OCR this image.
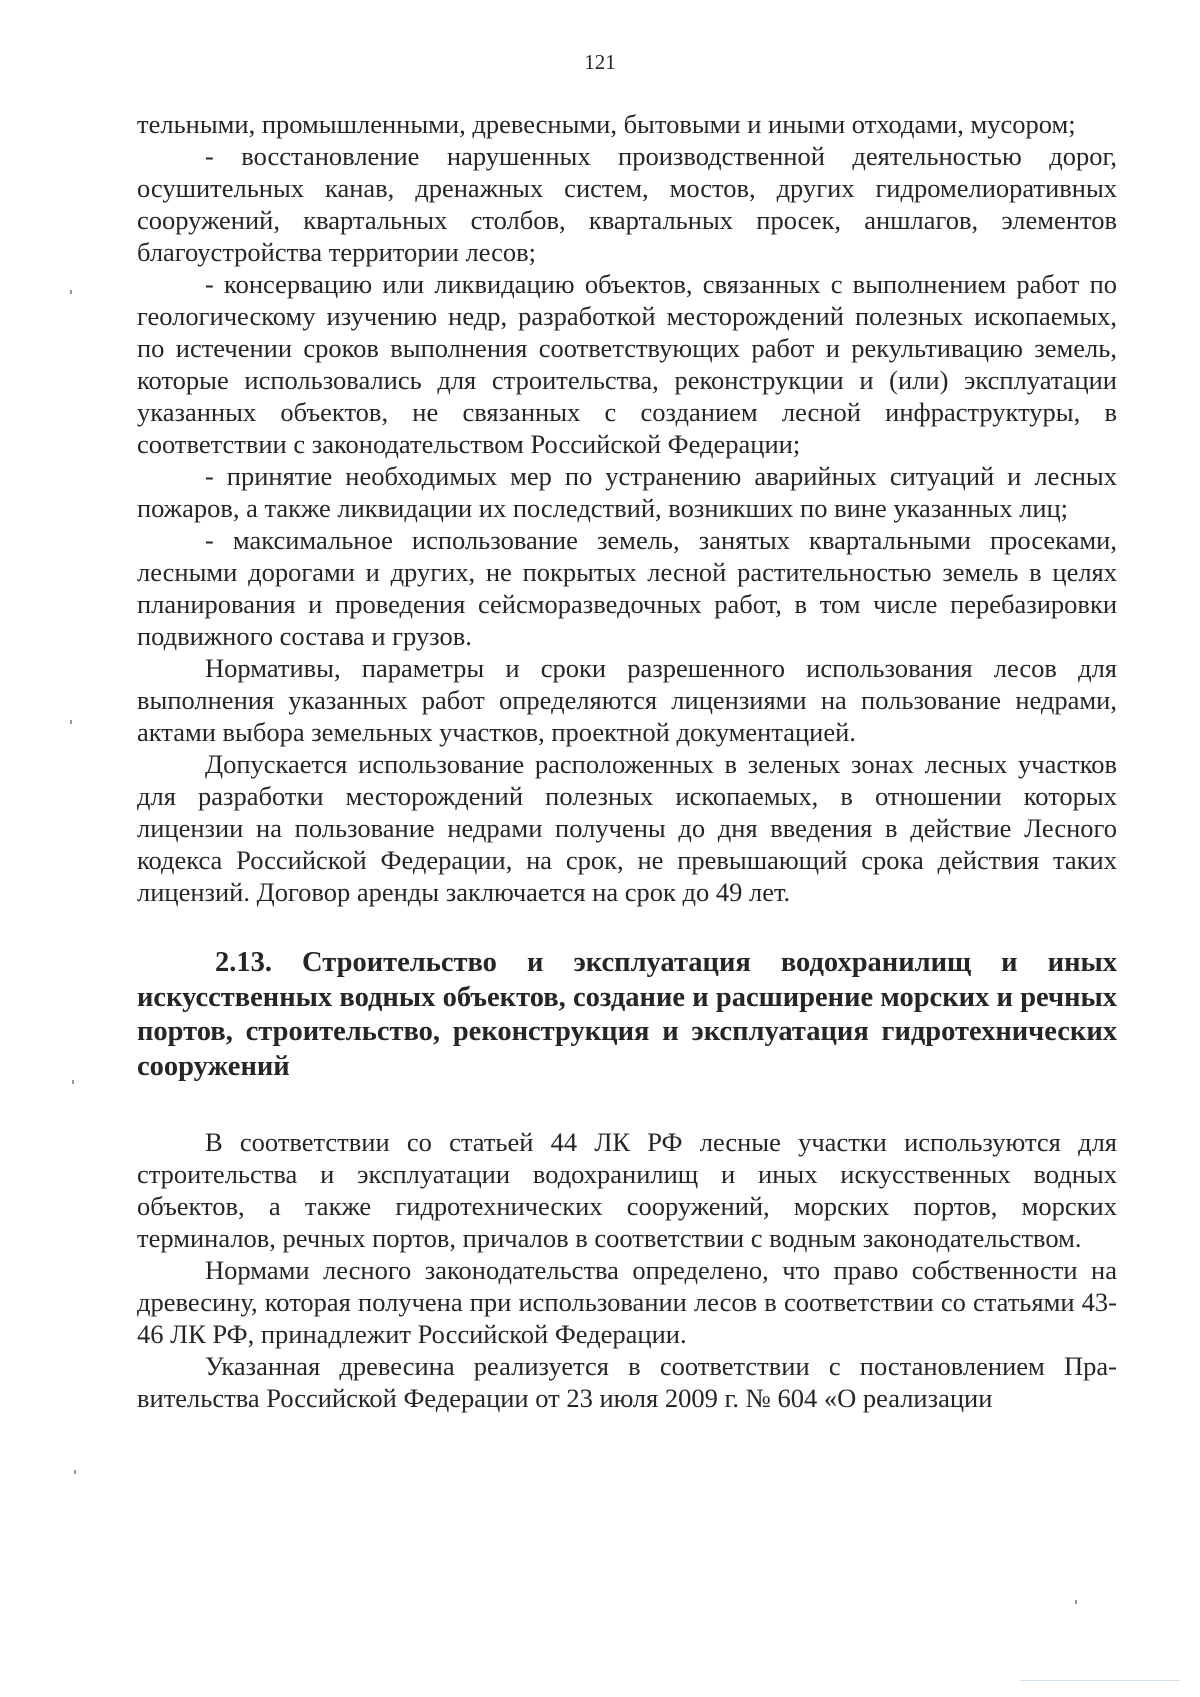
121

тельными, промышленными, древесными, бытовыми и иными отходами, мусором;

- восстановление нарушенных производственной деятельностью дорог, осушительных канав, дренажных систем, мостов, других гидромелиоративных сооружений, квартальных столбов, квартальных просек, аншлагов, элементов благоустройства территории лесов;

- консервацию или ликвидацию объектов, связанных с выполнением работ по геологическому изучению недр, разработкой месторождений полезных ископаемых, по истечении сроков выполнения соответствующих работ и рекультивацию земель, которые использовались для строительства, реконструкции и (или) эксплуатации указанных объектов, не связанных с созданием лесной инфраструктуры, в соответствии с законодательством Российской Федерации;

- принятие необходимых мер по устранению аварийных ситуаций и лесных пожаров, а также ликвидации их последствий, возникших по вине указанных лиц;

- максимальное использование земель, занятых квартальными просеками, лесными дорогами и других, не покрытых лесной растительностью земель в целях планирования и проведения сейсморазведочных работ, в том числе перебазировки подвижного состава и грузов.

Нормативы, параметры и сроки разрешенного использования лесов для выполнения указанных работ определяются лицензиями на пользование недрами, актами выбора земельных участков, проектной документацией.

Допускается использование расположенных в зеленых зонах лесных участков для разработки месторождений полезных ископаемых, в отношении которых лицензии на пользование недрами получены до дня введения в действие Лесного кодекса Российской Федерации, на срок, не превышающий срока действия таких лицензий. Договор аренды заключается на срок до 49 лет.

2.13. Строительство и эксплуатация водохранилищ и иных искусственных водных объектов, создание и расширение морских и речных портов, строительство, реконструкция и эксплуатация гидротехнических сооружений

В соответствии со статьей 44 ЛК РФ лесные участки используются для строительства и эксплуатации водохранилищ и иных искусственных водных объектов, а также гидротехнических сооружений, морских портов, морских терминалов, речных портов, причалов в соответствии с водным законодательством.

Нормами лесного законодательства определено, что право собственности на древесину, которая получена при использовании лесов в соответствии со статьями 43-46 ЛК РФ, принадлежит Российской Федерации.

Указанная древесина реализуется в соответствии с постановлением Правительства Российской Федерации от 23 июля 2009 г. № 604 «О реализации
